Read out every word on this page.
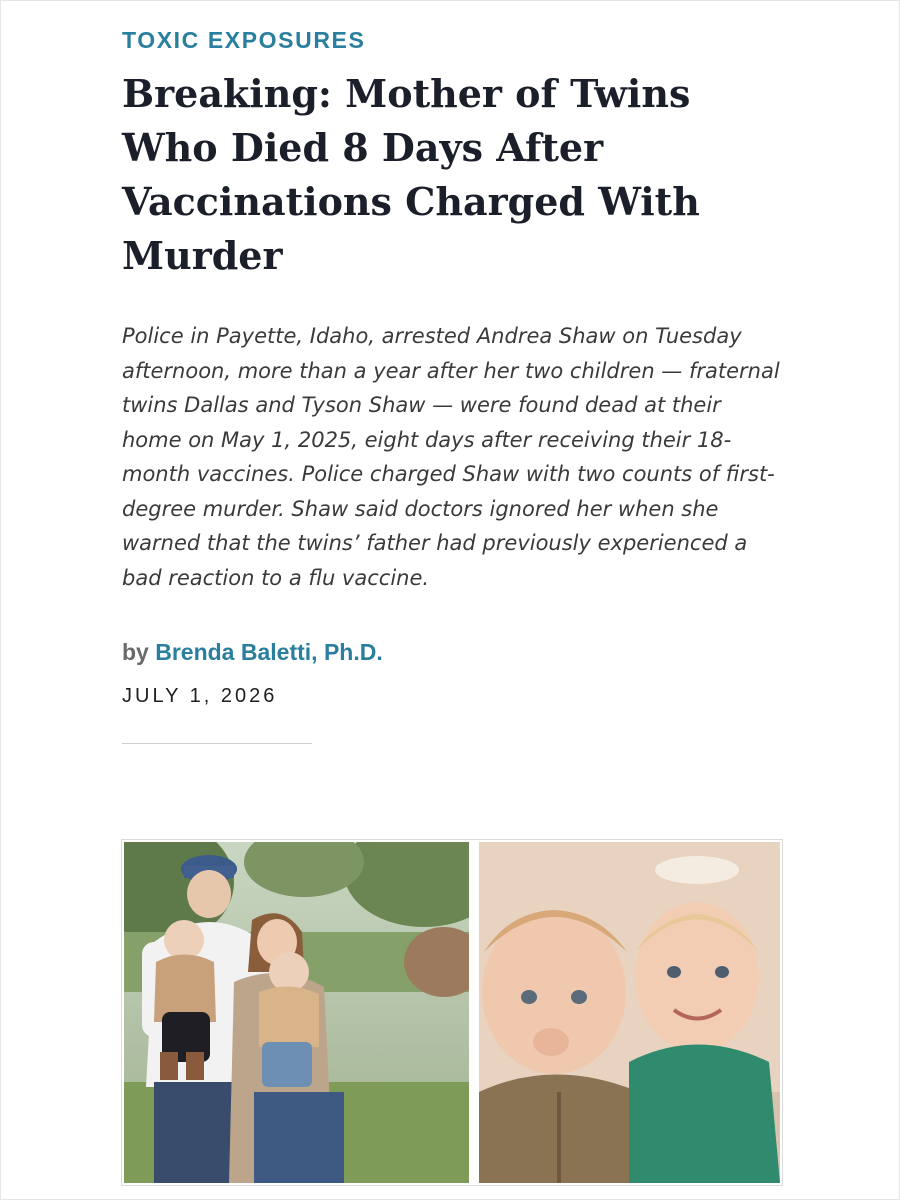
TOXIC EXPOSURES
Breaking: Mother of Twins Who Died 8 Days After Vaccinations Charged With Murder

Police in Payette, Idaho, arrested Andrea Shaw on Tuesday afternoon, more than a year after her two children — fraternal twins Dallas and Tyson Shaw — were found dead at their home on May 1, 2025, eight days after receiving their 18-month vaccines. Police charged Shaw with two counts of first-degree murder. Shaw said doctors ignored her when she warned that the twins’ father had previously experienced a bad reaction to a flu vaccine.

by Brenda Baletti, Ph.D.
JULY 1, 2026
